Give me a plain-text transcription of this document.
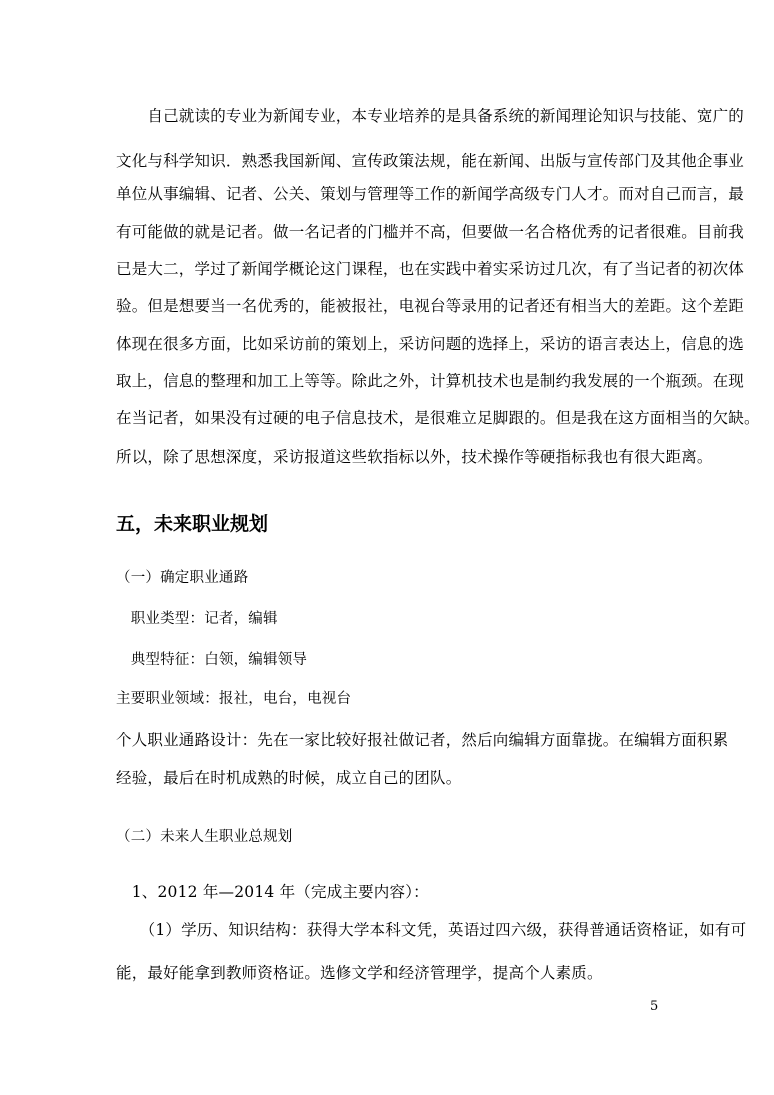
　　自己就读的专业为新闻专业，本专业培养的是具备系统的新闻理论知识与技能、宽广的
文化与科学知识．熟悉我国新闻、宣传政策法规，能在新闻、出版与宣传部门及其他企事业
单位从事编辑、记者、公关、策划与管理等工作的新闻学高级专门人才。而对自己而言，最
有可能做的就是记者。做一名记者的门槛并不高，但要做一名合格优秀的记者很难。目前我
已是大二，学过了新闻学概论这门课程，也在实践中着实采访过几次，有了当记者的初次体
验。但是想要当一名优秀的，能被报社，电视台等录用的记者还有相当大的差距。这个差距
体现在很多方面，比如采访前的策划上，采访问题的选择上，采访的语言表达上，信息的选
取上，信息的整理和加工上等等。除此之外，计算机技术也是制约我发展的一个瓶颈。在现
在当记者，如果没有过硬的电子信息技术，是很难立足脚跟的。但是我在这方面相当的欠缺。
所以，除了思想深度，采访报道这些软指标以外，技术操作等硬指标我也有很大距离。
五，未来职业规划
（一）确定职业通路
　职业类型：记者，编辑
　典型特征：白领，编辑领导
主要职业领域：报社，电台，电视台
个人职业通路设计：先在一家比较好报社做记者，然后向编辑方面靠拢。在编辑方面积累
经验，最后在时机成熟的时候，成立自己的团队。
（二）未来人生职业总规划
　1、2012 年—2014 年（完成主要内容）：
　　（1）学历、知识结构：获得大学本科文凭，英语过四六级，获得普通话资格证，如有可
能，最好能拿到教师资格证。选修文学和经济管理学，提高个人素质。
5
